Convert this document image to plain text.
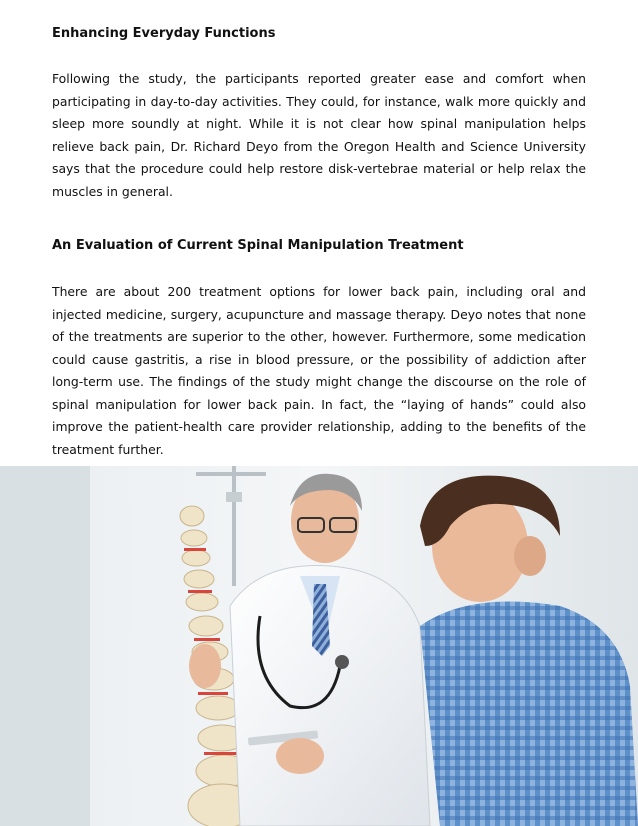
Enhancing Everyday Functions

Following the study, the participants reported greater ease and comfort when participating in day-to-day activities. They could, for instance, walk more quickly and sleep more soundly at night. While it is not clear how spinal manipulation helps relieve back pain, Dr. Richard Deyo from the Oregon Health and Science University says that the procedure could help restore disk-vertebrae material or help relax the muscles in general.

An Evaluation of Current Spinal Manipulation Treatment

There are about 200 treatment options for lower back pain, including oral and injected medicine, surgery, acupuncture and massage therapy. Deyo notes that none of the treatments are superior to the other, however. Furthermore, some medication could cause gastritis, a rise in blood pressure, or the possibility of addiction after long-term use. The findings of the study might change the discourse on the role of spinal manipulation for lower back pain. In fact, the “laying of hands” could also improve the patient-health care provider relationship, adding to the benefits of the treatment further.
